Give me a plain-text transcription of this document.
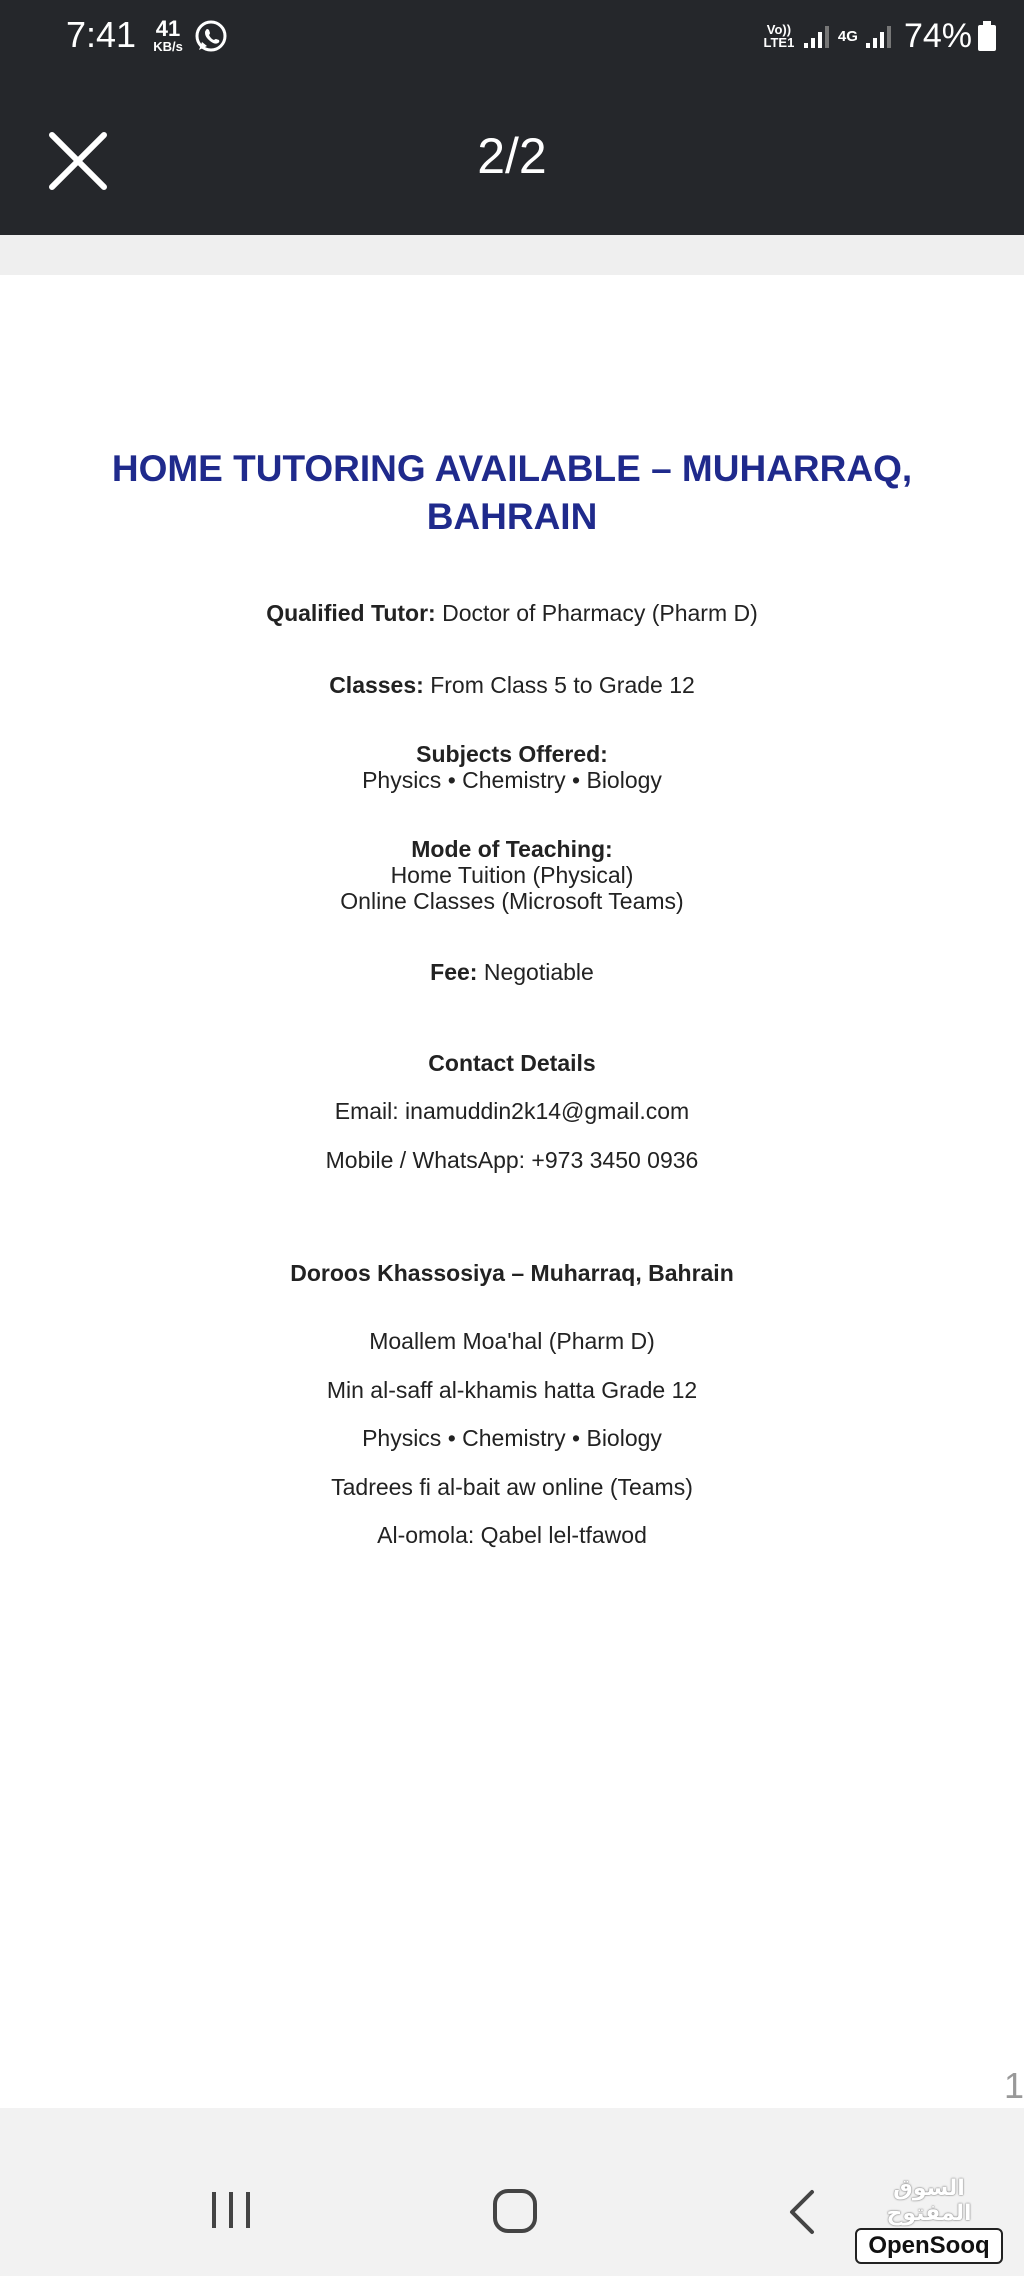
7:41 41
KB/s
Vo)) LTE1	4G 74%
2/2
HOME TUTORING AVAILABLE – MUHARRAQ,
BAHRAIN
Qualified Tutor: Doctor of Pharmacy (Pharm D)
Classes: From Class 5 to Grade 12
Subjects Offered:
Physics • Chemistry • Biology
Mode of Teaching:
Home Tuition (Physical)
Online Classes (Microsoft Teams)
Fee: Negotiable
Contact Details
Email: inamuddin2k14@gmail.com
Mobile / WhatsApp: +973 3450 0936
Doroos Khassosiya – Muharraq, Bahrain
Moallem Moa'hal (Pharm D)
Min al-saff al-khamis hatta Grade 12
Physics • Chemistry • Biology
Tadrees fi al-bait aw online (Teams)
Al-omola: Qabel lel-tfawod
1
السوق المفتوح
OpenSooq
